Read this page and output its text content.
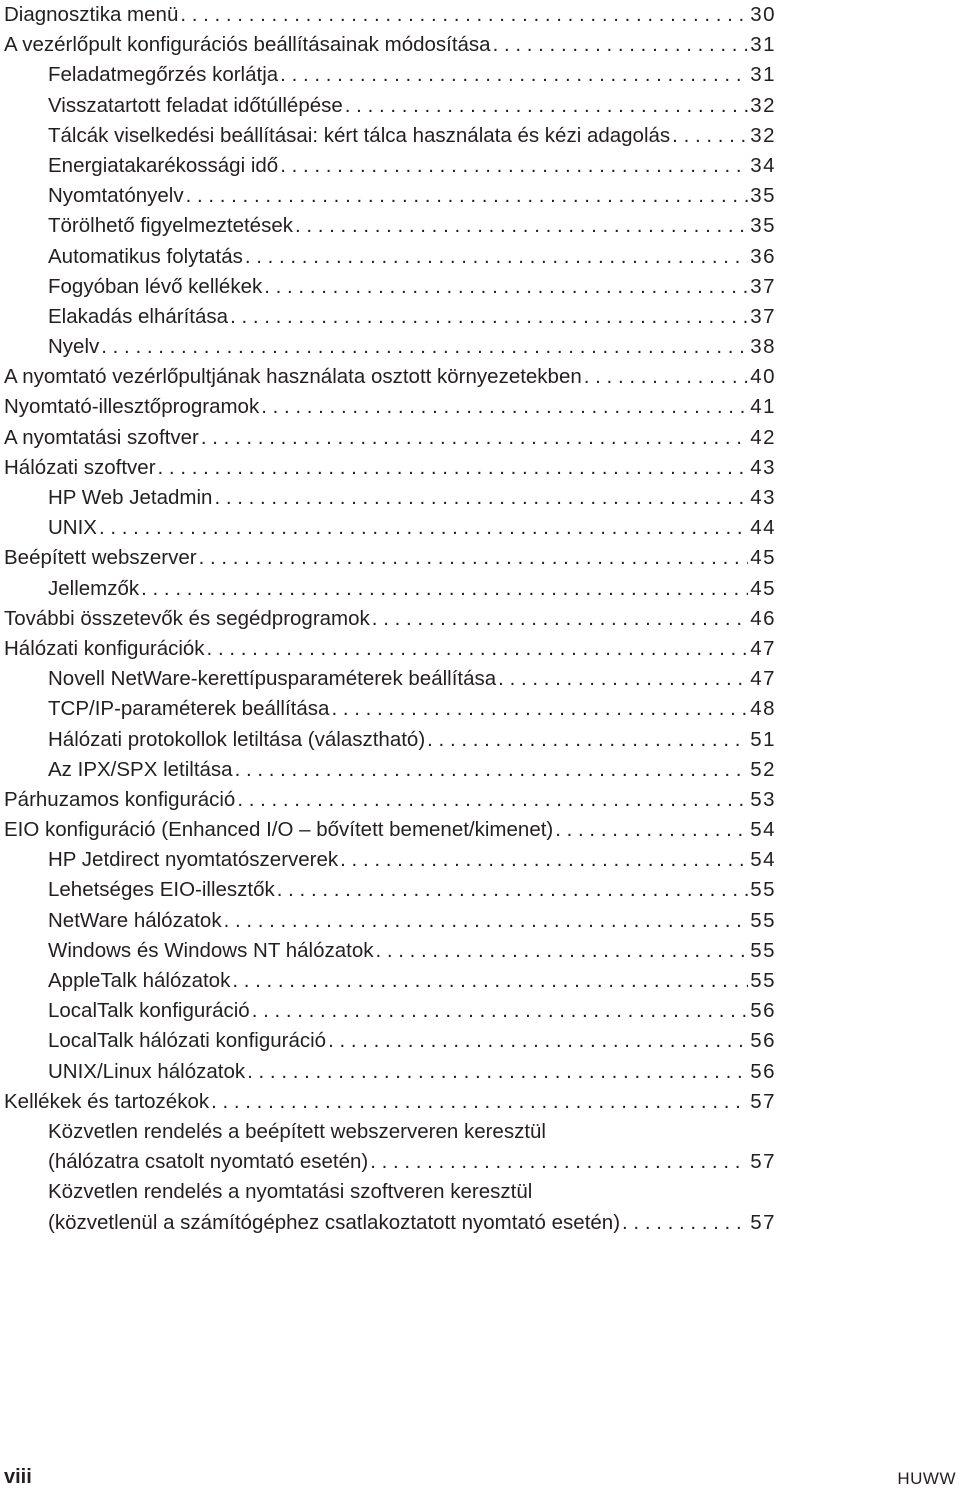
Diagnosztika menü . . .	30
A vezérlőpult konfigurációs beállításainak módosítása . . .	31
Feladatmegőrzés korlátja . . .	31
Visszatartott feladat időtúllépése . . .	32
Tálcák viselkedési beállításai: kért tálca használata és kézi adagolás . . .	32
Energiatakarékossági idő . . .	34
Nyomtatónyelv . . .	35
Törölhető figyelmeztetések . . .	35
Automatikus folytatás . . .	36
Fogyóban lévő kellékek . . .	37
Elakadás elhárítása . . .	37
Nyelv . . .	38
A nyomtató vezérlőpultjának használata osztott környezetekben . . .	40
Nyomtató-illesztőprogramok . . .	41
A nyomtatási szoftver . . .	42
Hálózati szoftver . . .	43
HP Web Jetadmin . . .	43
UNIX . . .	44
Beépített webszerver . . .	45
Jellemzők . . .	45
További összetevők és segédprogramok . . .	46
Hálózati konfigurációk . . .	47
Novell NetWare-kerettípusparaméterek beállítása . . .	47
TCP/IP-paraméterek beállítása . . .	48
Hálózati protokollok letiltása (választható) . . .	51
Az IPX/SPX letiltása . . .	52
Párhuzamos konfiguráció . . .	53
EIO konfiguráció (Enhanced I/O – bővített bemenet/kimenet) . . .	54
HP Jetdirect nyomtatószerverek . . .	54
Lehetséges EIO-illesztők . . .	55
NetWare hálózatok . . .	55
Windows és Windows NT hálózatok . . .	55
AppleTalk hálózatok . . .	55
LocalTalk konfiguráció . . .	56
LocalTalk hálózati konfiguráció . . .	56
UNIX/Linux hálózatok . . .	56
Kellékek és tartozékok . . .	57
Közvetlen rendelés a beépített webszerveren keresztül
(hálózatra csatolt nyomtató esetén) . . .	57
Közvetlen rendelés a nyomtatási szoftveren keresztül
(közvetlenül a számítógéphez csatlakoztatott nyomtató esetén) . . .	57
viii	HUWW
